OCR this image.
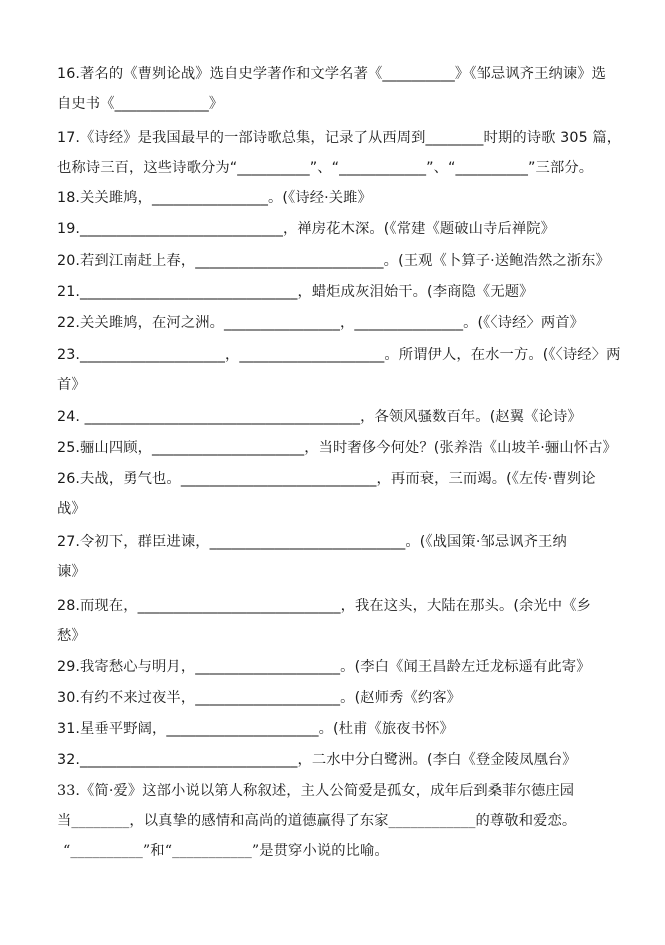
16.著名的《曹刿论战》选自史学著作和文学名著《__________》《邹忌讽齐王纳谏》选
自史书《_____________》
17.《诗经》是我国最早的一部诗歌总集，记录了从西周到________时期的诗歌 305 篇，
也称诗三百，这些诗歌分为“__________”、“____________”、“__________”三部分。
18.关关雎鸠，________________。(《诗经·关雎》
19.____________________________，禅房花木深。(《常建《题破山寺后禅院》
20.若到江南赶上春，__________________________。(王观《卜算子·送鲍浩然之浙东》
21.______________________________，蜡炬成灰泪始干。(李商隐《无题》
22.关关雎鸠，在河之洲。________________，_______________。(《〈诗经〉两首》
23.____________________，____________________。所谓伊人，在水一方。(《〈诗经〉两
首》
24. ______________________________________，各领风骚数百年。(赵翼《论诗》
25.骊山四顾，_____________________，当时奢侈今何处？(张养浩《山坡羊·骊山怀古》
26.夫战，勇气也。___________________________，再而衰，三而竭。(《左传·曹刿论
战》
27.令初下，群臣进谏，___________________________。(《战国策·邹忌讽齐王纳
谏》
28.而现在，____________________________，我在这头，大陆在那头。(余光中《乡
愁》
29.我寄愁心与明月，____________________。(李白《闻王昌龄左迁龙标遥有此寄》
30.有约不来过夜半，____________________。(赵师秀《约客》
31.星垂平野阔，_____________________。(杜甫《旅夜书怀》
32.______________________________，二水中分白鹭洲。(李白《登金陵凤凰台》
33.《简·爱》这部小说以第人称叙述，主人公简爱是孤女，成年后到桑菲尔德庄园
当________，以真挚的感情和高尚的道德赢得了东家____________的尊敬和爱恋。
“__________”和“___________”是贯穿小说的比喻。
